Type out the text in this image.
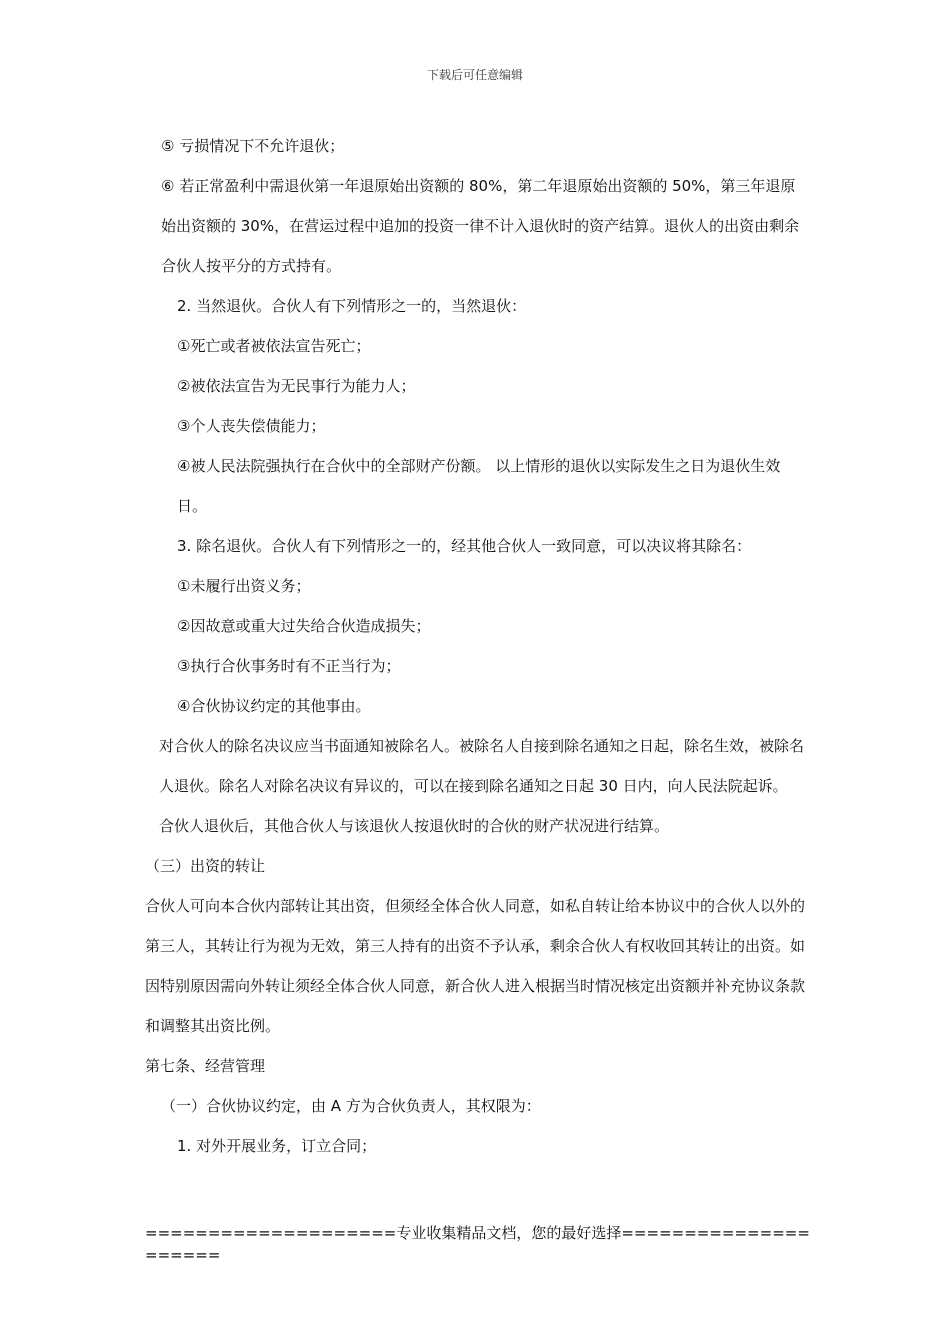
下载后可任意编辑

⑤ 亏损情况下不允许退伙；

⑥ 若正常盈利中需退伙第一年退原始出资额的 80%，第二年退原始出资额的 50%，第三年退原始出资额的 30%，在营运过程中追加的投资一律不计入退伙时的资产结算。退伙人的出资由剩余合伙人按平分的方式持有。

2. 当然退伙。合伙人有下列情形之一的，当然退伙：

①死亡或者被依法宣告死亡；

②被依法宣告为无民事行为能力人；

③个人丧失偿债能力；

④被人民法院强执行在合伙中的全部财产份额。 以上情形的退伙以实际发生之日为退伙生效日。

3. 除名退伙。合伙人有下列情形之一的，经其他合伙人一致同意，可以决议将其除名：

①未履行出资义务；

②因故意或重大过失给合伙造成损失；

③执行合伙事务时有不正当行为；

④合伙协议约定的其他事由。

对合伙人的除名决议应当书面通知被除名人。被除名人自接到除名通知之日起，除名生效，被除名人退伙。除名人对除名决议有异议的，可以在接到除名通知之日起 30 日内，向人民法院起诉。

合伙人退伙后，其他合伙人与该退伙人按退伙时的合伙的财产状况进行结算。

（三）出资的转让

合伙人可向本合伙内部转让其出资，但须经全体合伙人同意，如私自转让给本协议中的合伙人以外的第三人，其转让行为视为无效，第三人持有的出资不予认承，剩余合伙人有权收回其转让的出资。如因特别原因需向外转让须经全体合伙人同意，新合伙人进入根据当时情况核定出资额并补充协议条款和调整其出资比例。

第七条、经营管理

（一）合伙协议约定，由 A 方为合伙负责人，其权限为：

1. 对外开展业务，订立合同；

====================专业收集精品文档，您的最好选择=====================
